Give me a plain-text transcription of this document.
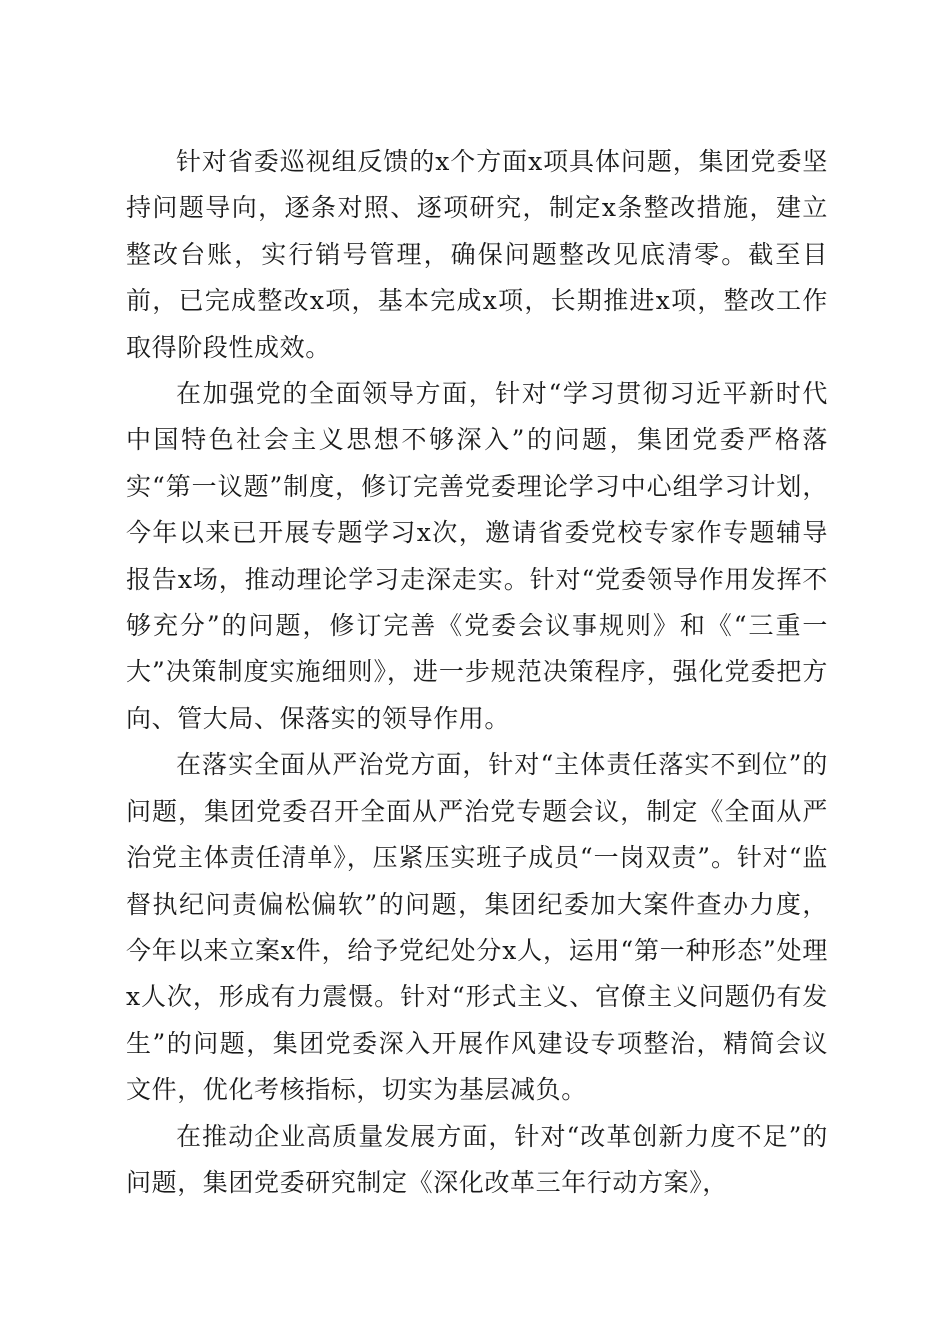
针对省委巡视组反馈的x个方面x项具体问题，集团党委坚持问题导向，逐条对照、逐项研究，制定x条整改措施，建立整改台账，实行销号管理，确保问题整改见底清零。截至目前，已完成整改x项，基本完成x项，长期推进x项，整改工作取得阶段性成效。

在加强党的全面领导方面，针对“学习贯彻习近平新时代中国特色社会主义思想不够深入”的问题，集团党委严格落实“第一议题”制度，修订完善党委理论学习中心组学习计划，今年以来已开展专题学习x次，邀请省委党校专家作专题辅导报告x场，推动理论学习走深走实。针对“党委领导作用发挥不够充分”的问题，修订完善《党委会议事规则》和《“三重一大”决策制度实施细则》，进一步规范决策程序，强化党委把方向、管大局、保落实的领导作用。

在落实全面从严治党方面，针对“主体责任落实不到位”的问题，集团党委召开全面从严治党专题会议，制定《全面从严治党主体责任清单》，压紧压实班子成员“一岗双责”。针对“监督执纪问责偏松偏软”的问题，集团纪委加大案件查办力度，今年以来立案x件，给予党纪处分x人，运用“第一种形态”处理x人次，形成有力震慑。针对“形式主义、官僚主义问题仍有发生”的问题，集团党委深入开展作风建设专项整治，精简会议文件，优化考核指标，切实为基层减负。

在推动企业高质量发展方面，针对“改革创新力度不足”的问题，集团党委研究制定《深化改革三年行动方案》，
